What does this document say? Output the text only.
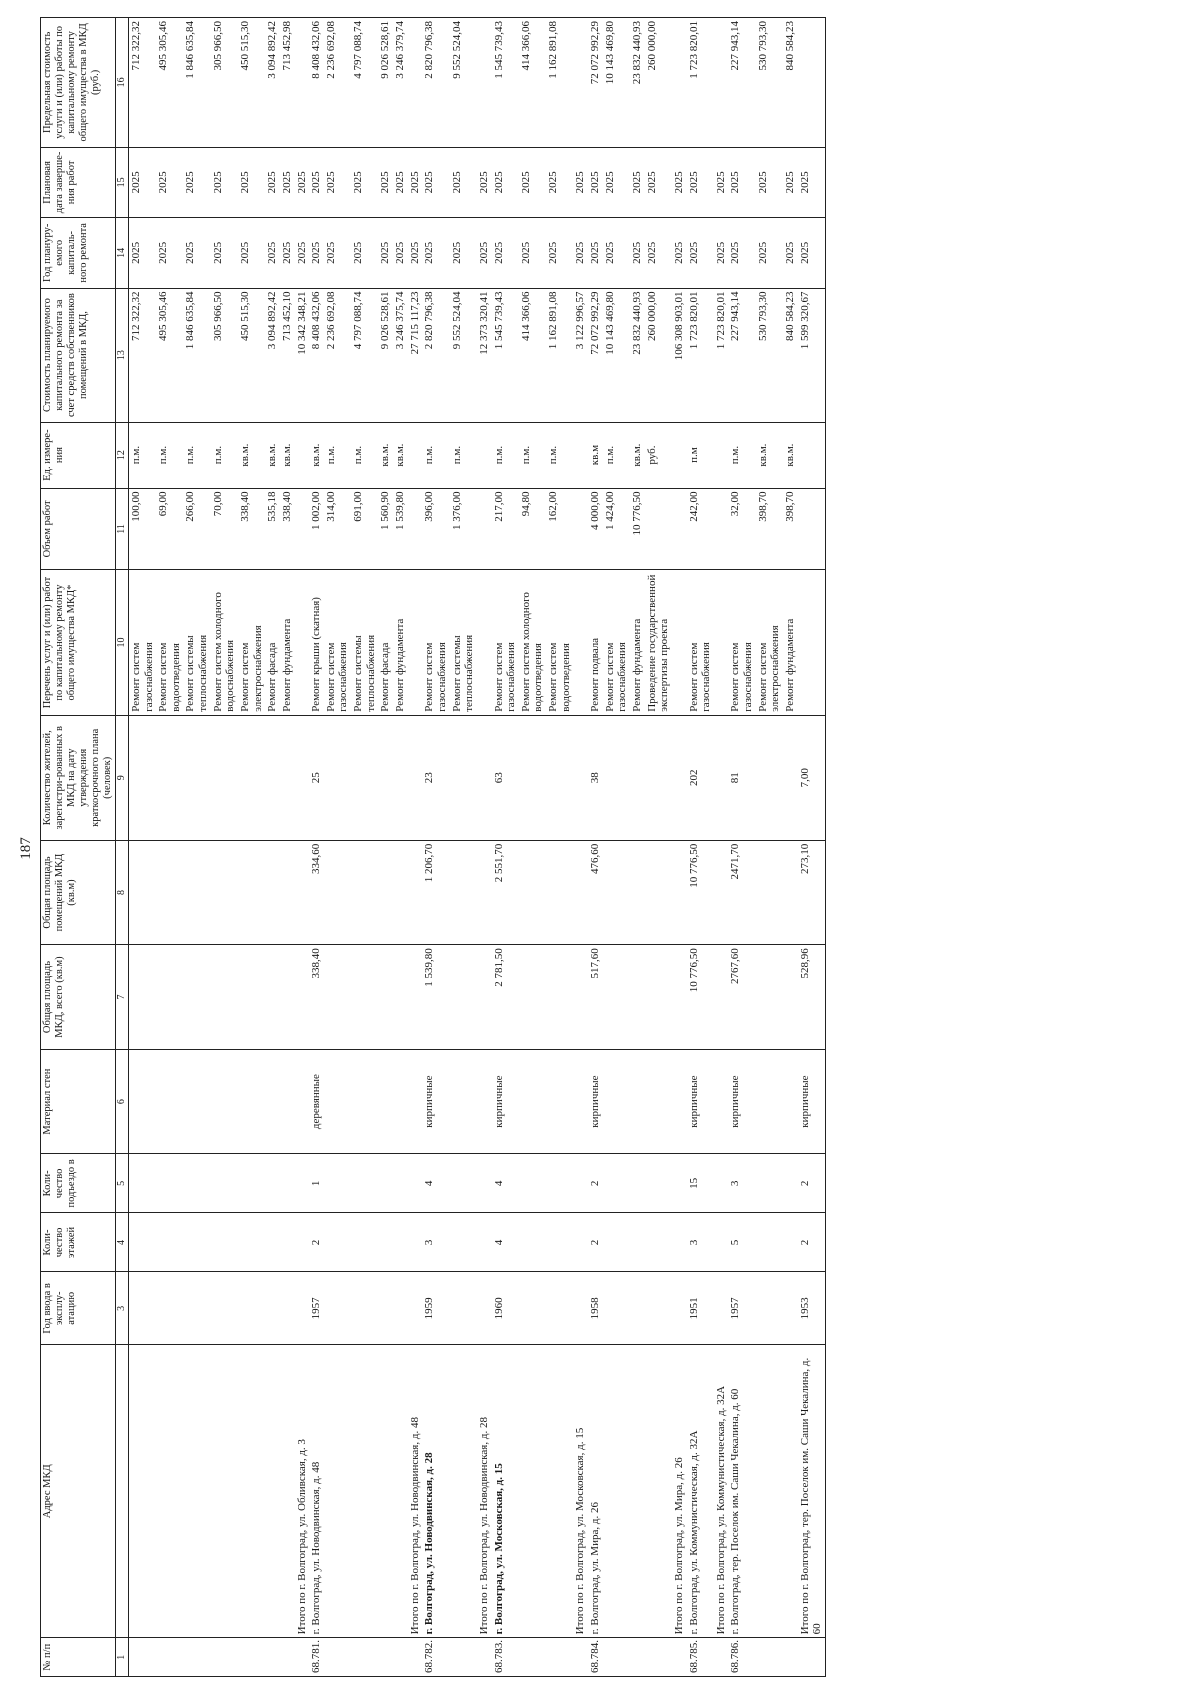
187
№ п/п	Адрес МКД	Год ввода в эксплу-атацию	Коли-чество этажей	Коли-чество подъездо в	Материал стен	Общая площадь МКД, всего (кв.м)	Общая площадь помещений МКД (кв.м)	Количество жителей, зарегистри-рованных в МКД на дату утверждения краткосрочного плана (человек)	Перечень услуг и (или) работ по капитальному ремонту общего имущества МКД*	Объем работ	Ед. измере-ния	Стоимость планируемого капитального ремонта за счет средств собственников помещений в МКД,	Год плануру-емого капиталь-ного ремонта	Плановая дата заверше-ния работ	Предельная стоимость услуги и (или) работы по капитальному ремонту общего имущества в МКД (руб.)
1		3	4	5	6	7	8	9	10	11	12	13	14	15	16
									Ремонт систем газоснабжения	100,00	п.м.	712 322,32	2025	2025	712 322,32
									Ремонт систем водоотведения	69,00	п.м.	495 305,46	2025	2025	495 305,46
									Ремонт системы теплоснабжения	266,00	п.м.	1 846 635,84	2025	2025	1 846 635,84
									Ремонт систем холодного водоснабжения	70,00	п.м.	305 966,50	2025	2025	305 966,50
									Ремонт систем электроснабжения	338,40	кв.м.	450 515,30	2025	2025	450 515,30
									Ремонт фасада	535,18	кв.м.	3 094 892,42	2025	2025	3 094 892,42
									Ремонт фундамента	338,40	кв.м.	713 452,10	2025	2025	713 452,98
	Итого по г. Волгоград, ул. Обливская, д. 3											10 342 348,21	2025	2025	
68.781.	г. Волгоград, ул. Новодвинская, д. 48	1957	2	1	деревянные	338,40	334,60	25	Ремонт крыши (скатная)	1 002,00	кв.м.	8 408 432,06	2025	2025	8 408 432,06
									Ремонт систем газоснабжения	314,00	п.м.	2 236 692,08	2025	2025	2 236 692,08
									Ремонт системы теплоснабжения	691,00	п.м.	4 797 088,74	2025	2025	4 797 088,74
									Ремонт фасада	1 560,90	кв.м.	9 026 528,61	2025	2025	9 026 528,61
									Ремонт фундамента	1 539,80	кв.м.	3 246 375,74	2025	2025	3 246 379,74
	Итого по г. Волгоград, ул. Новодвинская, д. 48											27 715 117,23	2025	2025	
68.782.	г. Волгоград, ул. Новодвинская, д. 28	1959	3	4	кирпичные	1 539,80	1 206,70	23	Ремонт систем газоснабжения	396,00	п.м.	2 820 796,38	2025	2025	2 820 796,38
									Ремонт системы теплоснабжения	1 376,00	п.м.	9 552 524,04	2025	2025	9 552 524,04
	Итого по г. Волгоград, ул. Новодвинская, д. 28											12 373 320,41	2025	2025	
68.783.	г. Волгоград, ул. Московская, д. 15	1960	4	4	кирпичные	2 781,50	2 551,70	63	Ремонт систем газоснабжения	217,00	п.м.	1 545 739,43	2025	2025	1 545 739,43
									Ремонт систем холодного водоотведения	94,80	п.м.	414 366,06	2025	2025	414 366,06
									Ремонт систем водоотведения	162,00	п.м.	1 162 891,08	2025	2025	1 162 891,08
	Итого по г. Волгоград, ул. Московская, д. 15											3 122 996,57	2025	2025	
68.784.	г. Волгоград, ул. Мира, д. 26	1958	2	2	кирпичные	517,60	476,60	38	Ремонт подвала	4 000,00	кв.м	72 072 992,29	2025	2025	72 072 992,29
									Ремонт систем газоснабжения	1 424,00	п.м.	10 143 469,80	2025	2025	10 143 469,80
									Ремонт фундамента	10 776,50	кв.м.	23 832 440,93	2025	2025	23 832 440,93
									Проведение государственной экспертизы проекта		руб.	260 000,00	2025	2025	260 000,00
	Итого по г. Волгоград, ул. Мира, д. 26											106 308 903,01	2025	2025	
68.785.	г. Волгоград, ул. Коммунистическая, д. 32А	1951	3	15	кирпичные	10 776,50	10 776,50	202	Ремонт систем газоснабжения	242,00	п.м	1 723 820,01	2025	2025	1 723 820,01
	Итого по г. Волгоград, ул. Коммунистическая, д. 32А											1 723 820,01	2025	2025	
68.786.	г. Волгоград, тер. Поселок им. Саши Чекалина, д. 60	1957	5	3	кирпичные	2767,60	2471,70	81	Ремонт систем газоснабжения	32,00	п.м.	227 943,14	2025	2025	227 943,14
									Ремонт систем электроснабжения	398,70	кв.м.	530 793,30	2025	2025	530 793,30
									Ремонт фундамента	398,70	кв.м.	840 584,23	2025	2025	840 584,23
	Итого по г. Волгоград, тер. Поселок им. Саши Чекалина, д. 60	1953	2	2	кирпичные	528,96	273,10	7,00				1 599 320,67	2025	2025	
